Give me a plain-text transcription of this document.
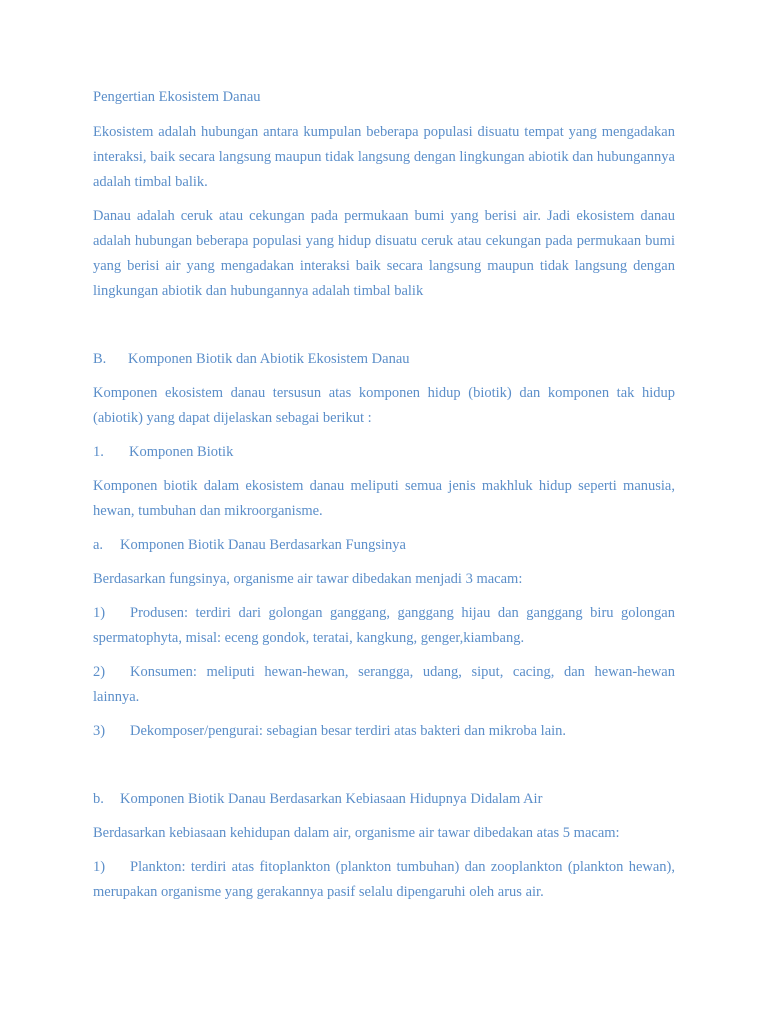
Pengertian Ekosistem Danau

Ekosistem adalah hubungan antara kumpulan beberapa populasi disuatu tempat yang mengadakan interaksi, baik secara langsung maupun tidak langsung dengan lingkungan abiotik dan hubungannya adalah timbal balik.

Danau adalah ceruk atau cekungan pada permukaan bumi yang berisi air. Jadi ekosistem danau adalah hubungan beberapa populasi yang hidup disuatu ceruk atau cekungan pada permukaan bumi yang berisi air yang mengadakan interaksi baik secara langsung maupun tidak langsung dengan lingkungan abiotik dan hubungannya adalah timbal balik

B. Komponen Biotik dan Abiotik Ekosistem Danau

Komponen ekosistem danau tersusun atas komponen hidup (biotik) dan komponen tak hidup (abiotik) yang dapat dijelaskan sebagai berikut :

1. Komponen Biotik

Komponen biotik dalam ekosistem danau meliputi semua jenis makhluk hidup seperti manusia, hewan, tumbuhan dan mikroorganisme.

a. Komponen Biotik Danau Berdasarkan Fungsinya

Berdasarkan fungsinya, organisme air tawar dibedakan menjadi 3 macam:

1) Produsen: terdiri dari golongan ganggang, ganggang hijau dan ganggang biru golongan spermatophyta, misal: eceng gondok, teratai, kangkung, genger,kiambang.

2) Konsumen: meliputi hewan-hewan, serangga, udang, siput, cacing, dan hewan-hewan lainnya.

3) Dekomposer/pengurai: sebagian besar terdiri atas bakteri dan mikroba lain.

b. Komponen Biotik Danau Berdasarkan Kebiasaan Hidupnya Didalam Air

Berdasarkan kebiasaan kehidupan dalam air, organisme air tawar dibedakan atas 5 macam:

1) Plankton: terdiri atas fitoplankton (plankton tumbuhan) dan zooplankton (plankton hewan), merupakan organisme yang gerakannya pasif selalu dipengaruhi oleh arus air.
